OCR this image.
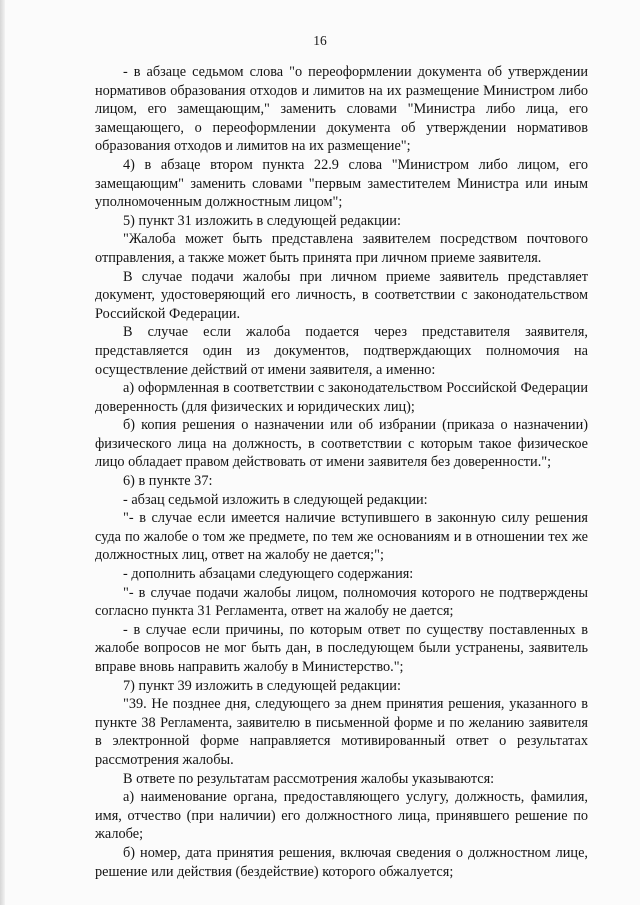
16

- в абзаце седьмом слова "о переоформлении документа об утверждении нормативов образования отходов и лимитов на их размещение Министром либо лицом, его замещающим," заменить словами "Министра либо лица, его замещающего, о переоформлении документа об утверждении нормативов образования отходов и лимитов на их размещение";

4) в абзаце втором пункта 22.9 слова "Министром либо лицом, его замещающим" заменить словами "первым заместителем Министра или иным уполномоченным должностным лицом";

5) пункт 31 изложить в следующей редакции:

"Жалоба может быть представлена заявителем посредством почтового отправления, а также может быть принята при личном приеме заявителя.

В случае подачи жалобы при личном приеме заявитель представляет документ, удостоверяющий его личность, в соответствии с законодательством Российской Федерации.

В случае если жалоба подается через представителя заявителя, представляется один из документов, подтверждающих полномочия на осуществление действий от имени заявителя, а именно:

а) оформленная в соответствии с законодательством Российской Федерации доверенность (для физических и юридических лиц);

б) копия решения о назначении или об избрании (приказа о назначении) физического лица на должность, в соответствии с которым такое физическое лицо обладает правом действовать от имени заявителя без доверенности.";

6) в пункте 37:

- абзац седьмой изложить в следующей редакции:

"- в случае если имеется наличие вступившего в законную силу решения суда по жалобе о том же предмете, по тем же основаниям и в отношении тех же должностных лиц, ответ на жалобу не дается;";

- дополнить абзацами следующего содержания:

"- в случае подачи жалобы лицом, полномочия которого не подтверждены согласно пункта 31 Регламента, ответ на жалобу не дается;

- в случае если причины, по которым ответ по существу поставленных в жалобе вопросов не мог быть дан, в последующем были устранены, заявитель вправе вновь направить жалобу в Министерство.";

7) пункт 39 изложить в следующей редакции:

"39. Не позднее дня, следующего за днем принятия решения, указанного в пункте 38 Регламента, заявителю в письменной форме и по желанию заявителя в электронной форме направляется мотивированный ответ о результатах рассмотрения жалобы.

В ответе по результатам рассмотрения жалобы указываются:

а) наименование органа, предоставляющего услугу, должность, фамилия, имя, отчество (при наличии) его должностного лица, принявшего решение по жалобе;

б) номер, дата принятия решения, включая сведения о должностном лице, решение или действия (бездействие) которого обжалуется;
